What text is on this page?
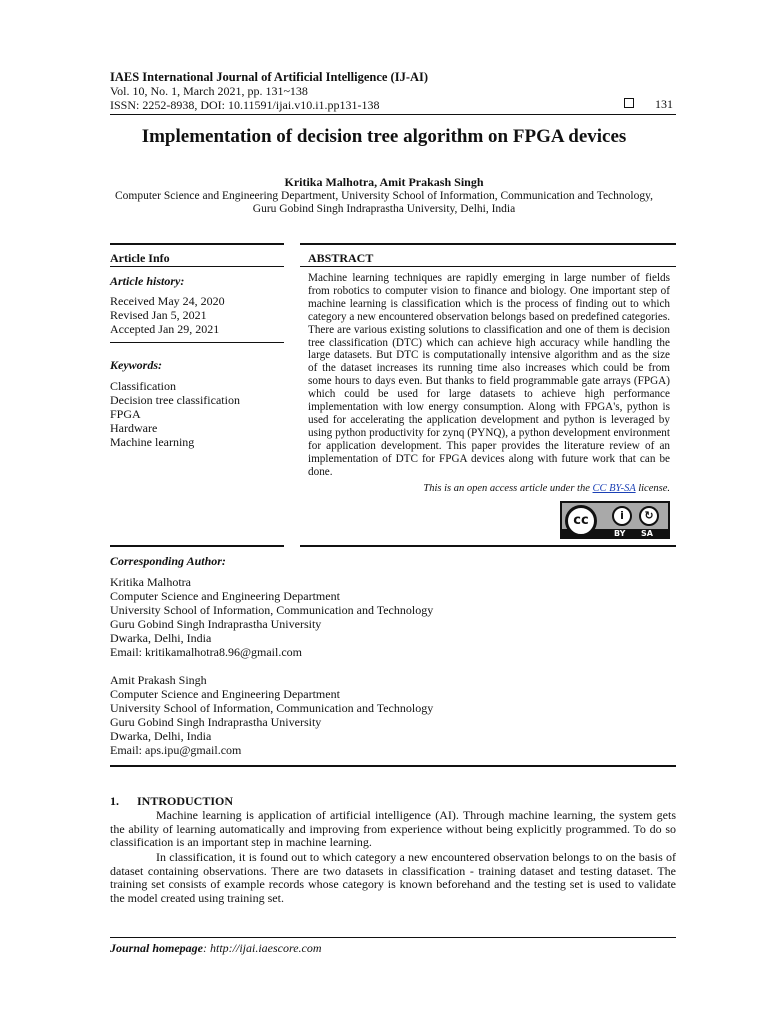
IAES International Journal of Artificial Intelligence (IJ-AI)
Vol. 10, No. 1, March 2021, pp. 131~138
ISSN: 2252-8938, DOI: 10.11591/ijai.v10.i1.pp131-138	131
Implementation of decision tree algorithm on FPGA devices
Kritika Malhotra, Amit Prakash Singh
Computer Science and Engineering Department, University School of Information, Communication and Technology,
Guru Gobind Singh Indraprastha University, Delhi, India
Article Info
Article history:
Received May 24, 2020
Revised Jan 5, 2021
Accepted Jan 29, 2021
Keywords:
Classification
Decision tree classification
FPGA
Hardware
Machine learning
ABSTRACT
Machine learning techniques are rapidly emerging in large number of fields from robotics to computer vision to finance and biology. One important step of machine learning is classification which is the process of finding out to which category a new encountered observation belongs based on predefined categories. There are various existing solutions to classification and one of them is decision tree classification (DTC) which can achieve high accuracy while handling the large datasets. But DTC is computationally intensive algorithm and as the size of the dataset increases its running time also increases which could be from some hours to days even. But thanks to field programmable gate arrays (FPGA) which could be used for large datasets to achieve high performance implementation with low energy consumption. Along with FPGA's, python is used for accelerating the application development and python is leveraged by using python productivity for zynq (PYNQ), a python development environment for application development. This paper provides the literature review of an implementation of DTC for FPGA devices along with future work that can be done.
This is an open access article under the CC BY-SA license.
cc	i	↻
BY SA
Corresponding Author:
Kritika Malhotra
Computer Science and Engineering Department
University School of Information, Communication and Technology
Guru Gobind Singh Indraprastha University
Dwarka, Delhi, India
Email: kritikamalhotra8.96@gmail.com
Amit Prakash Singh
Computer Science and Engineering Department
University School of Information, Communication and Technology
Guru Gobind Singh Indraprastha University
Dwarka, Delhi, India
Email: aps.ipu@gmail.com
1. INTRODUCTION
Machine learning is application of artificial intelligence (AI). Through machine learning, the system gets the ability of learning automatically and improving from experience without being explicitly programmed. To do so classification is an important step in machine learning.
In classification, it is found out to which category a new encountered observation belongs to on the basis of dataset containing observations. There are two datasets in classification - training dataset and testing dataset. The training set consists of example records whose category is known beforehand and the testing set is used to validate the model created using training set.
Journal homepage: http://ijai.iaescore.com
